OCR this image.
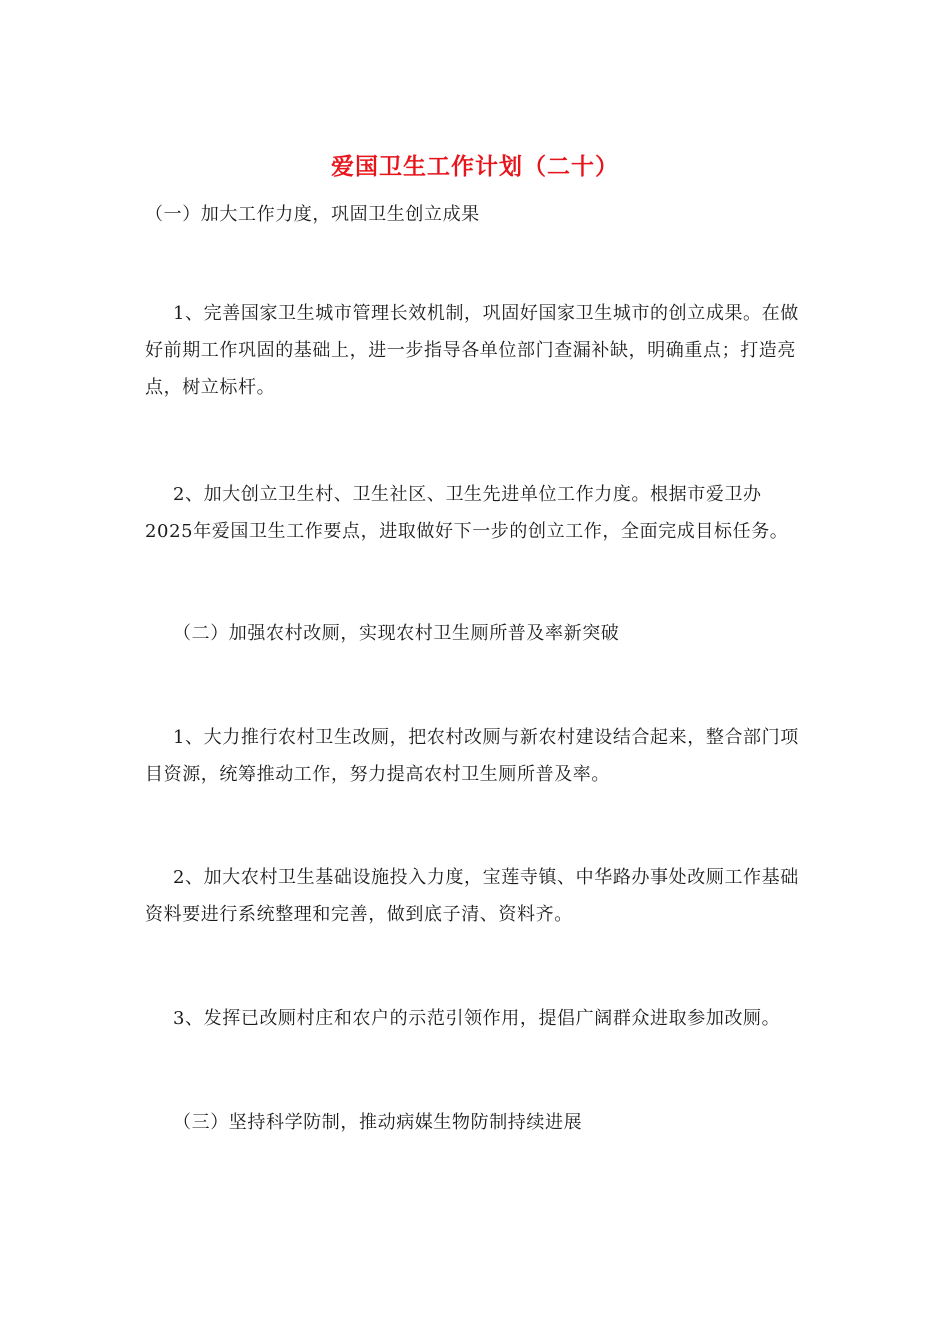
爱国卫生工作计划（二十）

（一）加大工作力度，巩固卫生创立成果

1、完善国家卫生城市管理长效机制，巩固好国家卫生城市的创立成果。在做好前期工作巩固的基础上，进一步指导各单位部门查漏补缺，明确重点；打造亮点，树立标杆。

2、加大创立卫生村、卫生社区、卫生先进单位工作力度。根据市爱卫办2025年爱国卫生工作要点，进取做好下一步的创立工作，全面完成目标任务。

（二）加强农村改厕，实现农村卫生厕所普及率新突破

1、大力推行农村卫生改厕，把农村改厕与新农村建设结合起来，整合部门项目资源，统筹推动工作，努力提高农村卫生厕所普及率。

2、加大农村卫生基础设施投入力度，宝莲寺镇、中华路办事处改厕工作基础资料要进行系统整理和完善，做到底子清、资料齐。

3、发挥已改厕村庄和农户的示范引领作用，提倡广阔群众进取参加改厕。

（三）坚持科学防制，推动病媒生物防制持续进展
